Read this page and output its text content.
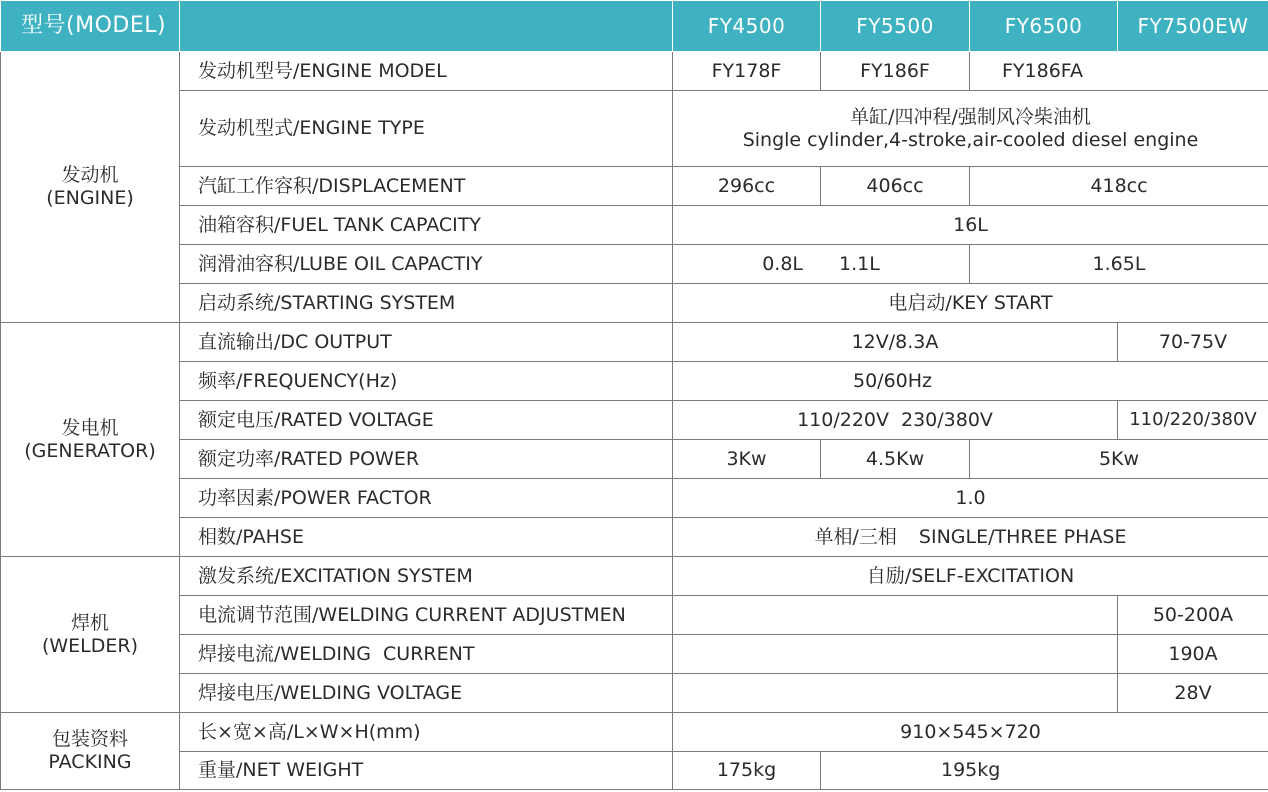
型号(MODEL)		FY4500	FY5500	FY6500	FY7500EW

发动机
(ENGINE)	发动机型号/ENGINE MODEL	FY178F	FY186F	FY186FA	
	发动机型式/ENGINE TYPE	单缸/四冲程/强制风冷柴油机
Single cylinder,4-stroke,air-cooled diesel engine			

	汽缸工作容积/DISPLACEMENT	296cc	406cc	418cc	
	油箱容积/FUEL TANK CAPACITY	16L			
	润滑油容积/LUBE OIL CAPACTIY	0.8L 1.1L		1.65L	
	启动系统/STARTING SYSTEM	电启动/KEY START			

发电机
(GENERATOR)	直流输出/DC OUTPUT	12V/8.3A			70-75V
	频率/FREQUENCY(Hz)	50/60Hz			
	额定电压/RATED VOLTAGE	110/220V 230/380V			110/220/380V
	额定功率/RATED POWER	3Kw	4.5Kw	5Kw	
	功率因素/POWER FACTOR	1.0			
	相数/PAHSE	单相/三相 SINGLE/THREE PHASE			

焊机
(WELDER)	激发系统/EXCITATION SYSTEM	自励/SELF-EXCITATION			
	电流调节范围/WELDING CURRENT ADJUSTMEN				50-200A
	焊接电流/WELDING  CURRENT				190A
	焊接电压/WELDING VOLTAGE				28V

包装资料
PACKING	长×宽×高/L×W×H(mm)	910×545×720			
	重量/NET WEIGHT	175kg	195kg		
